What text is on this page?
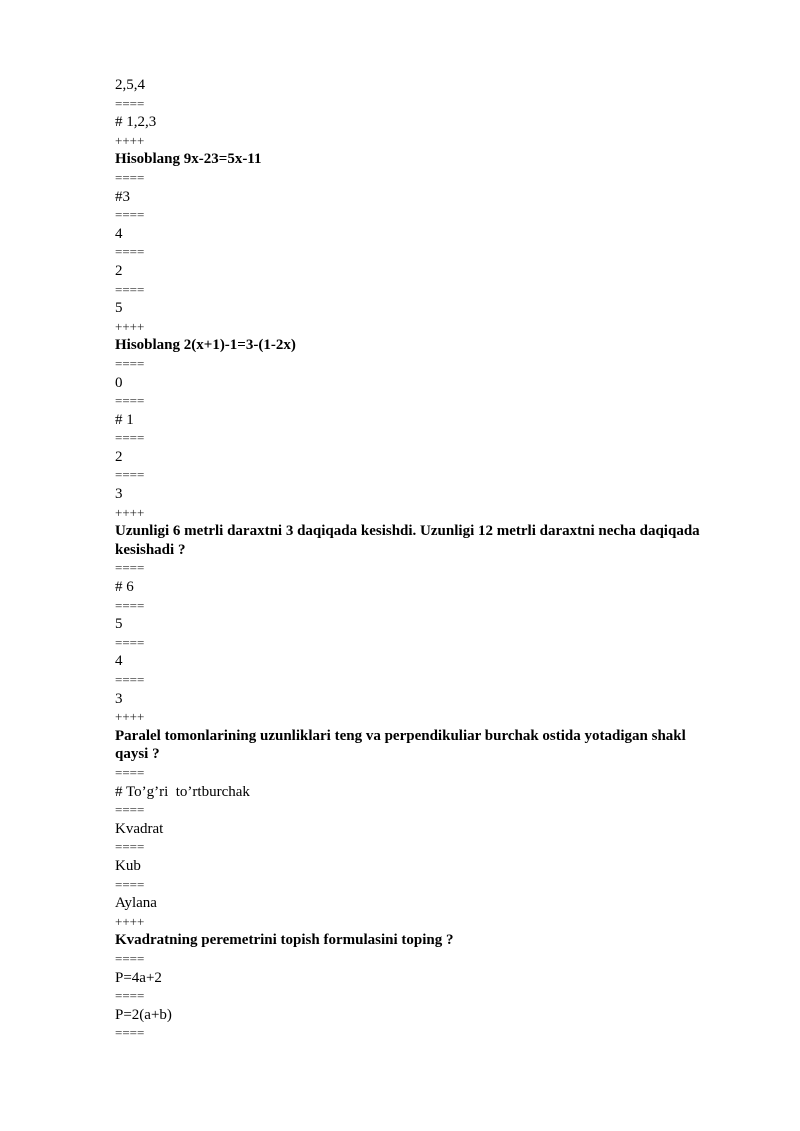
2,5,4
====
# 1,2,3
++++
Hisoblang 9x-23=5x-11
====
#3
====
4
====
2
====
5
++++
Hisoblang 2(x+1)-1=3-(1-2x)
====
0
====
# 1
====
2
====
3
++++
Uzunligi 6 metrli daraxtni 3 daqiqada kesishdi. Uzunligi 12 metrli daraxtni necha daqiqada kesishadi ?
====
# 6
====
5
====
4
====
3
++++
Paralel tomonlarining uzunliklari teng va perpendikuliar burchak ostida yotadigan shakl qaysi ?
====
# To’g’ri  to’rtburchak
====
Kvadrat
====
Kub
====
Aylana
++++
Kvadratning peremetrini topish formulasini toping ?
====
P=4a+2
====
P=2(a+b)
====
